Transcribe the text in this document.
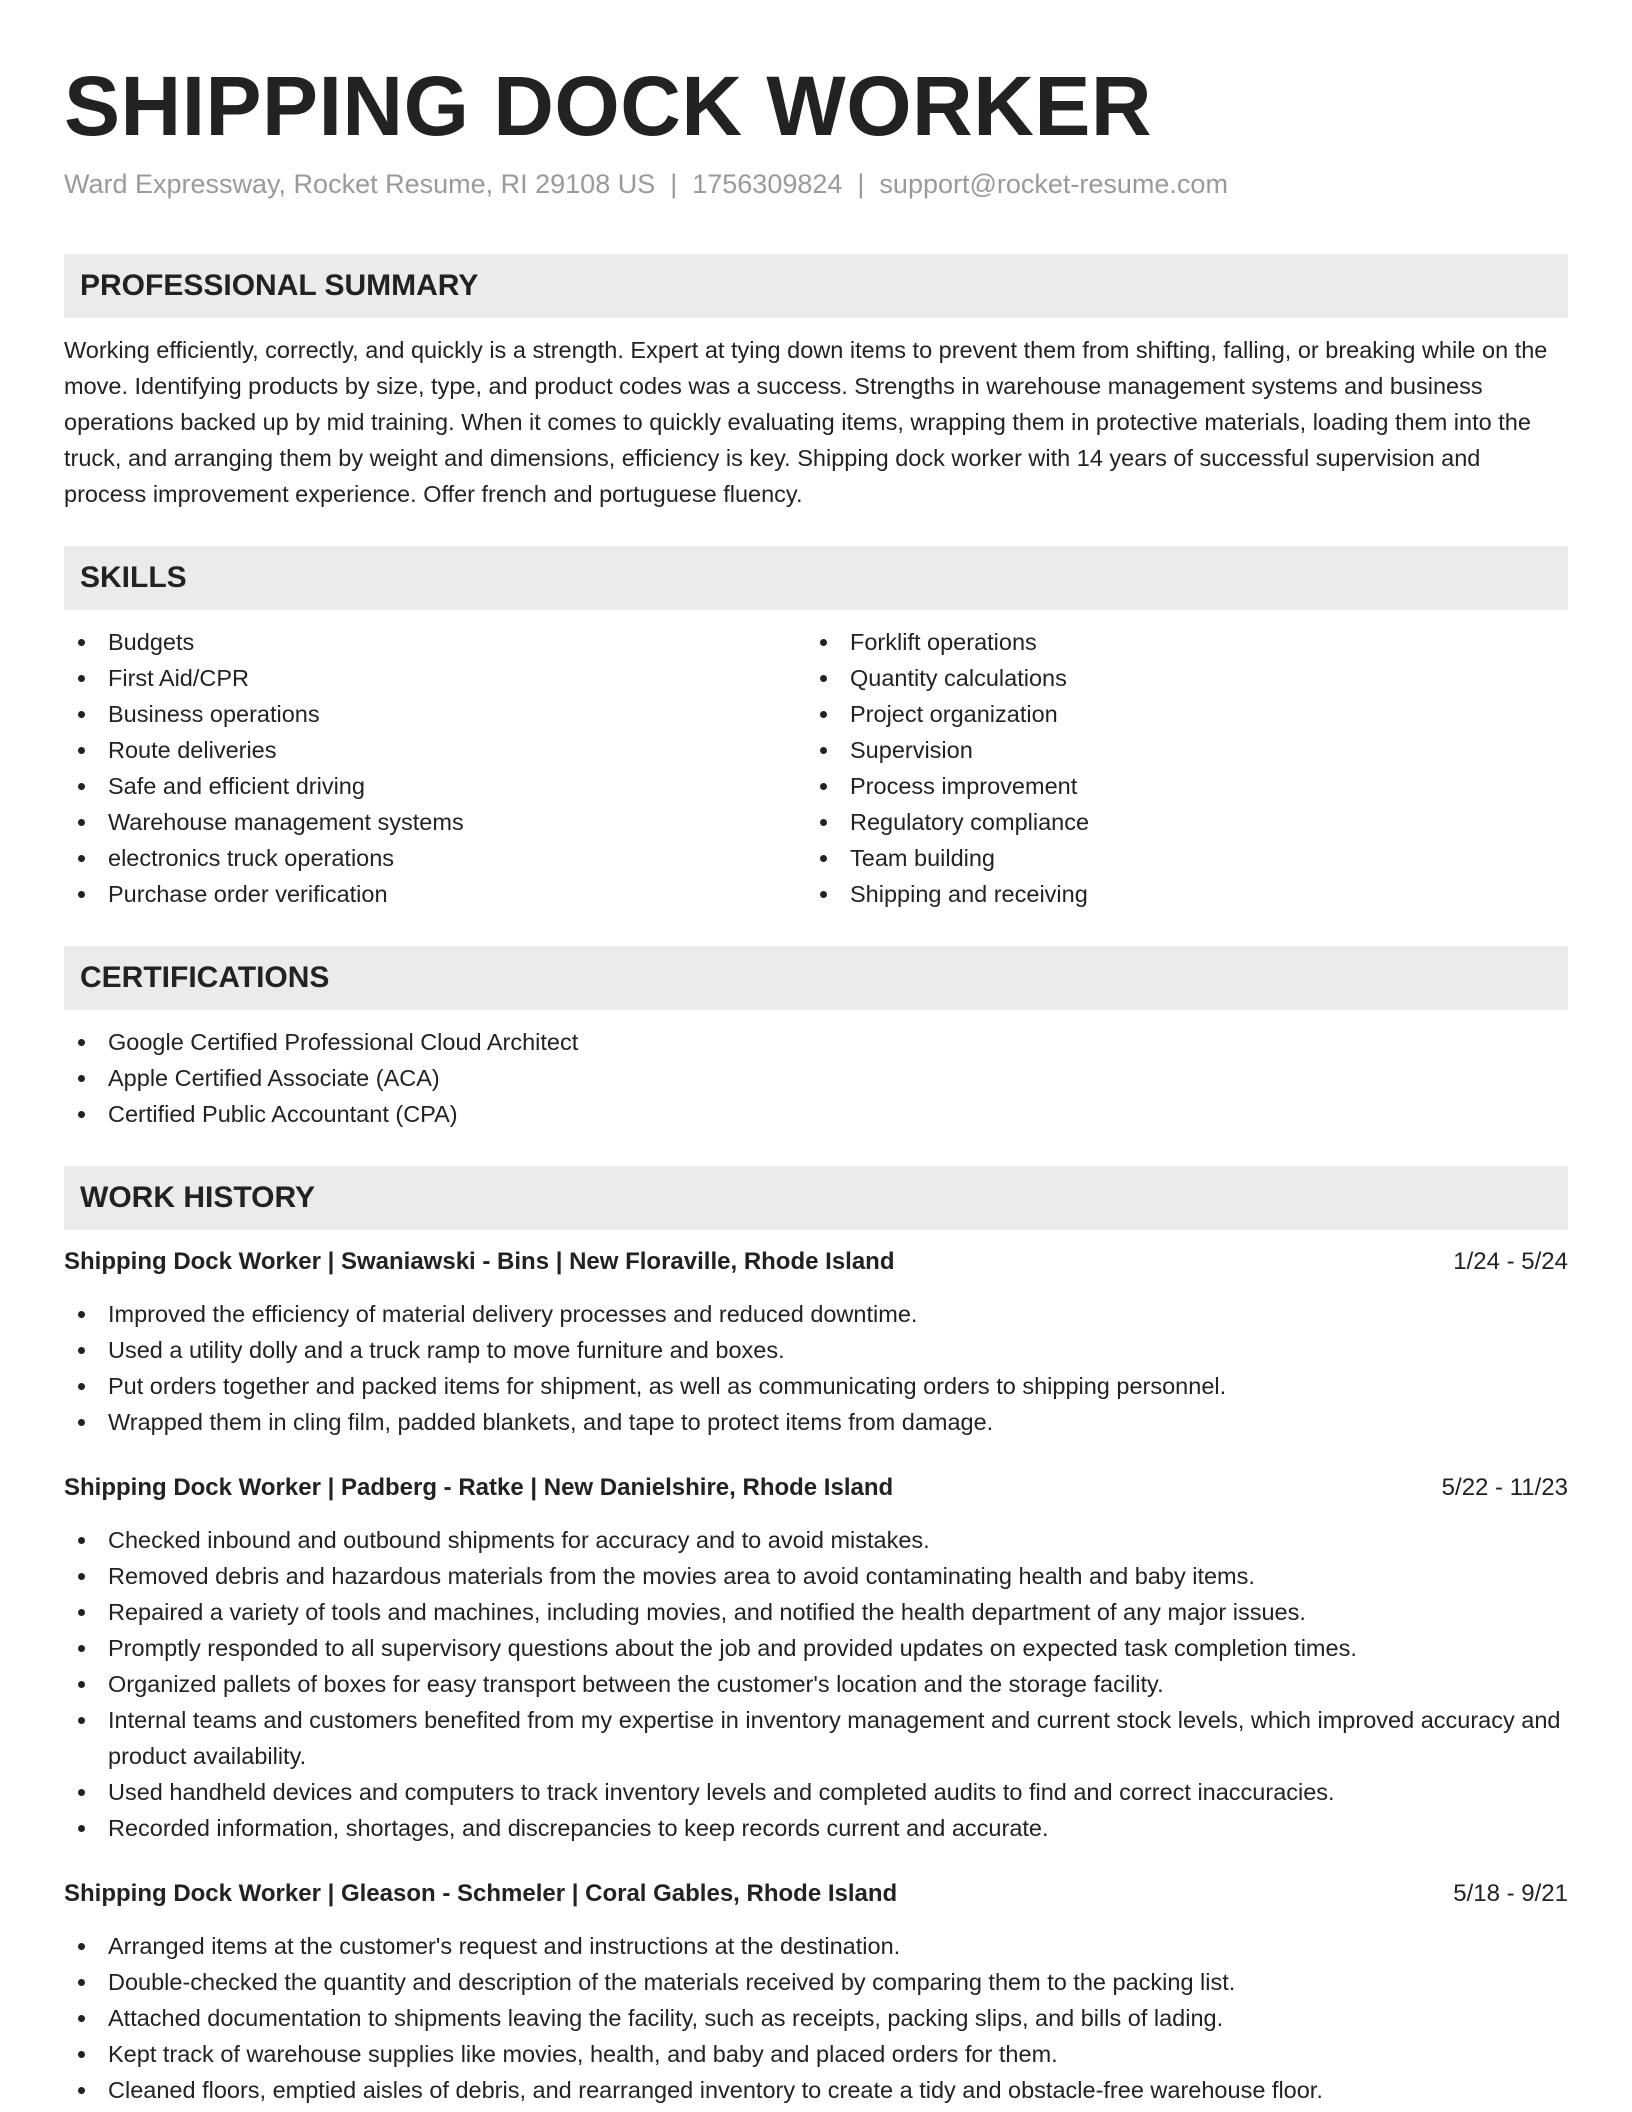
SHIPPING DOCK WORKER
Ward Expressway, Rocket Resume, RI 29108 US | 1756309824 | support@rocket-resume.com
PROFESSIONAL SUMMARY
Working efficiently, correctly, and quickly is a strength. Expert at tying down items to prevent them from shifting, falling, or breaking while on the move. Identifying products by size, type, and product codes was a success. Strengths in warehouse management systems and business operations backed up by mid training. When it comes to quickly evaluating items, wrapping them in protective materials, loading them into the truck, and arranging them by weight and dimensions, efficiency is key. Shipping dock worker with 14 years of successful supervision and process improvement experience. Offer french and portuguese fluency.
SKILLS
Budgets
First Aid/CPR
Business operations
Route deliveries
Safe and efficient driving
Warehouse management systems
electronics truck operations
Purchase order verification
Forklift operations
Quantity calculations
Project organization
Supervision
Process improvement
Regulatory compliance
Team building
Shipping and receiving
CERTIFICATIONS
Google Certified Professional Cloud Architect
Apple Certified Associate (ACA)
Certified Public Accountant (CPA)
WORK HISTORY
Shipping Dock Worker | Swaniawski - Bins | New Floraville, Rhode Island	1/24 - 5/24
Improved the efficiency of material delivery processes and reduced downtime.
Used a utility dolly and a truck ramp to move furniture and boxes.
Put orders together and packed items for shipment, as well as communicating orders to shipping personnel.
Wrapped them in cling film, padded blankets, and tape to protect items from damage.
Shipping Dock Worker | Padberg - Ratke | New Danielshire, Rhode Island	5/22 - 11/23
Checked inbound and outbound shipments for accuracy and to avoid mistakes.
Removed debris and hazardous materials from the movies area to avoid contaminating health and baby items.
Repaired a variety of tools and machines, including movies, and notified the health department of any major issues.
Promptly responded to all supervisory questions about the job and provided updates on expected task completion times.
Organized pallets of boxes for easy transport between the customer's location and the storage facility.
Internal teams and customers benefited from my expertise in inventory management and current stock levels, which improved accuracy and product availability.
Used handheld devices and computers to track inventory levels and completed audits to find and correct inaccuracies.
Recorded information, shortages, and discrepancies to keep records current and accurate.
Shipping Dock Worker | Gleason - Schmeler | Coral Gables, Rhode Island	5/18 - 9/21
Arranged items at the customer's request and instructions at the destination.
Double-checked the quantity and description of the materials received by comparing them to the packing list.
Attached documentation to shipments leaving the facility, such as receipts, packing slips, and bills of lading.
Kept track of warehouse supplies like movies, health, and baby and placed orders for them.
Cleaned floors, emptied aisles of debris, and rearranged inventory to create a tidy and obstacle-free warehouse floor.
